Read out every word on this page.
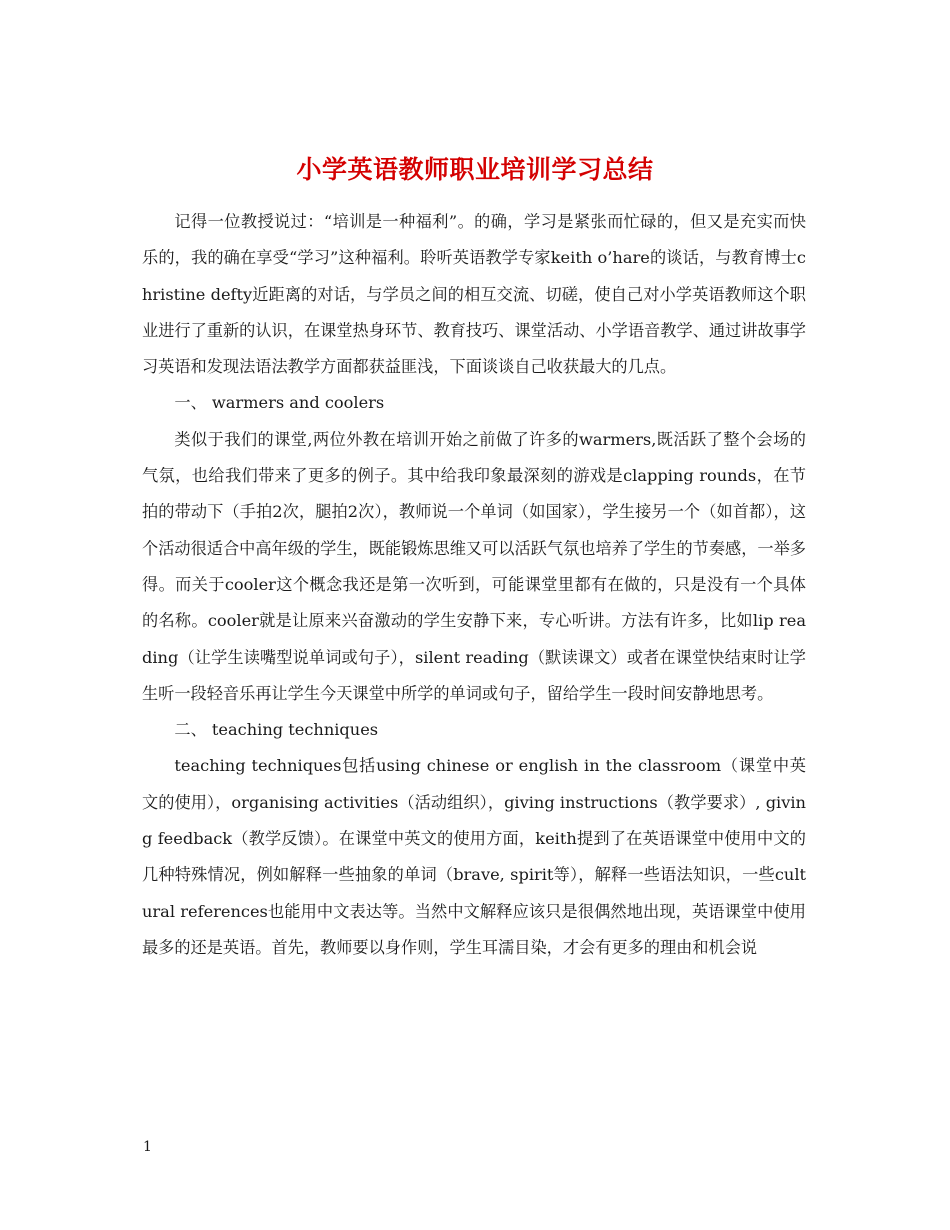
小学英语教师职业培训学习总结

记得一位教授说过：“培训是一种福利”。的确，学习是紧张而忙碌的，但又是充实而快乐的，我的确在享受“学习”这种福利。聆听英语教学专家keith o’hare的谈话，与教育博士christine defty近距离的对话，与学员之间的相互交流、切磋，使自己对小学英语教师这个职业进行了重新的认识，在课堂热身环节、教育技巧、课堂活动、小学语音教学、通过讲故事学习英语和发现法语法教学方面都获益匪浅，下面谈谈自己收获最大的几点。

一、 warmers and coolers

类似于我们的课堂,两位外教在培训开始之前做了许多的warmers,既活跃了整个会场的气氛，也给我们带来了更多的例子。其中给我印象最深刻的游戏是clapping rounds，在节拍的带动下（手拍2次，腿拍2次），教师说一个单词（如国家），学生接另一个（如首都），这个活动很适合中高年级的学生，既能锻炼思维又可以活跃气氛也培养了学生的节奏感，一举多得。而关于cooler这个概念我还是第一次听到，可能课堂里都有在做的，只是没有一个具体的名称。cooler就是让原来兴奋激动的学生安静下来，专心听讲。方法有许多，比如lip reading（让学生读嘴型说单词或句子），silent reading（默读课文）或者在课堂快结束时让学生听一段轻音乐再让学生今天课堂中所学的单词或句子，留给学生一段时间安静地思考。

二、 teaching techniques

teaching techniques包括using chinese or english in the classroom（课堂中英文的使用），organising activities（活动组织），giving instructions（教学要求）, giving feedback（教学反馈）。在课堂中英文的使用方面，keith提到了在英语课堂中使用中文的几种特殊情况，例如解释一些抽象的单词（brave, spirit等），解释一些语法知识，一些cultural references也能用中文表达等。当然中文解释应该只是很偶然地出现，英语课堂中使用最多的还是英语。首先，教师要以身作则，学生耳濡目染，才会有更多的理由和机会说

1
